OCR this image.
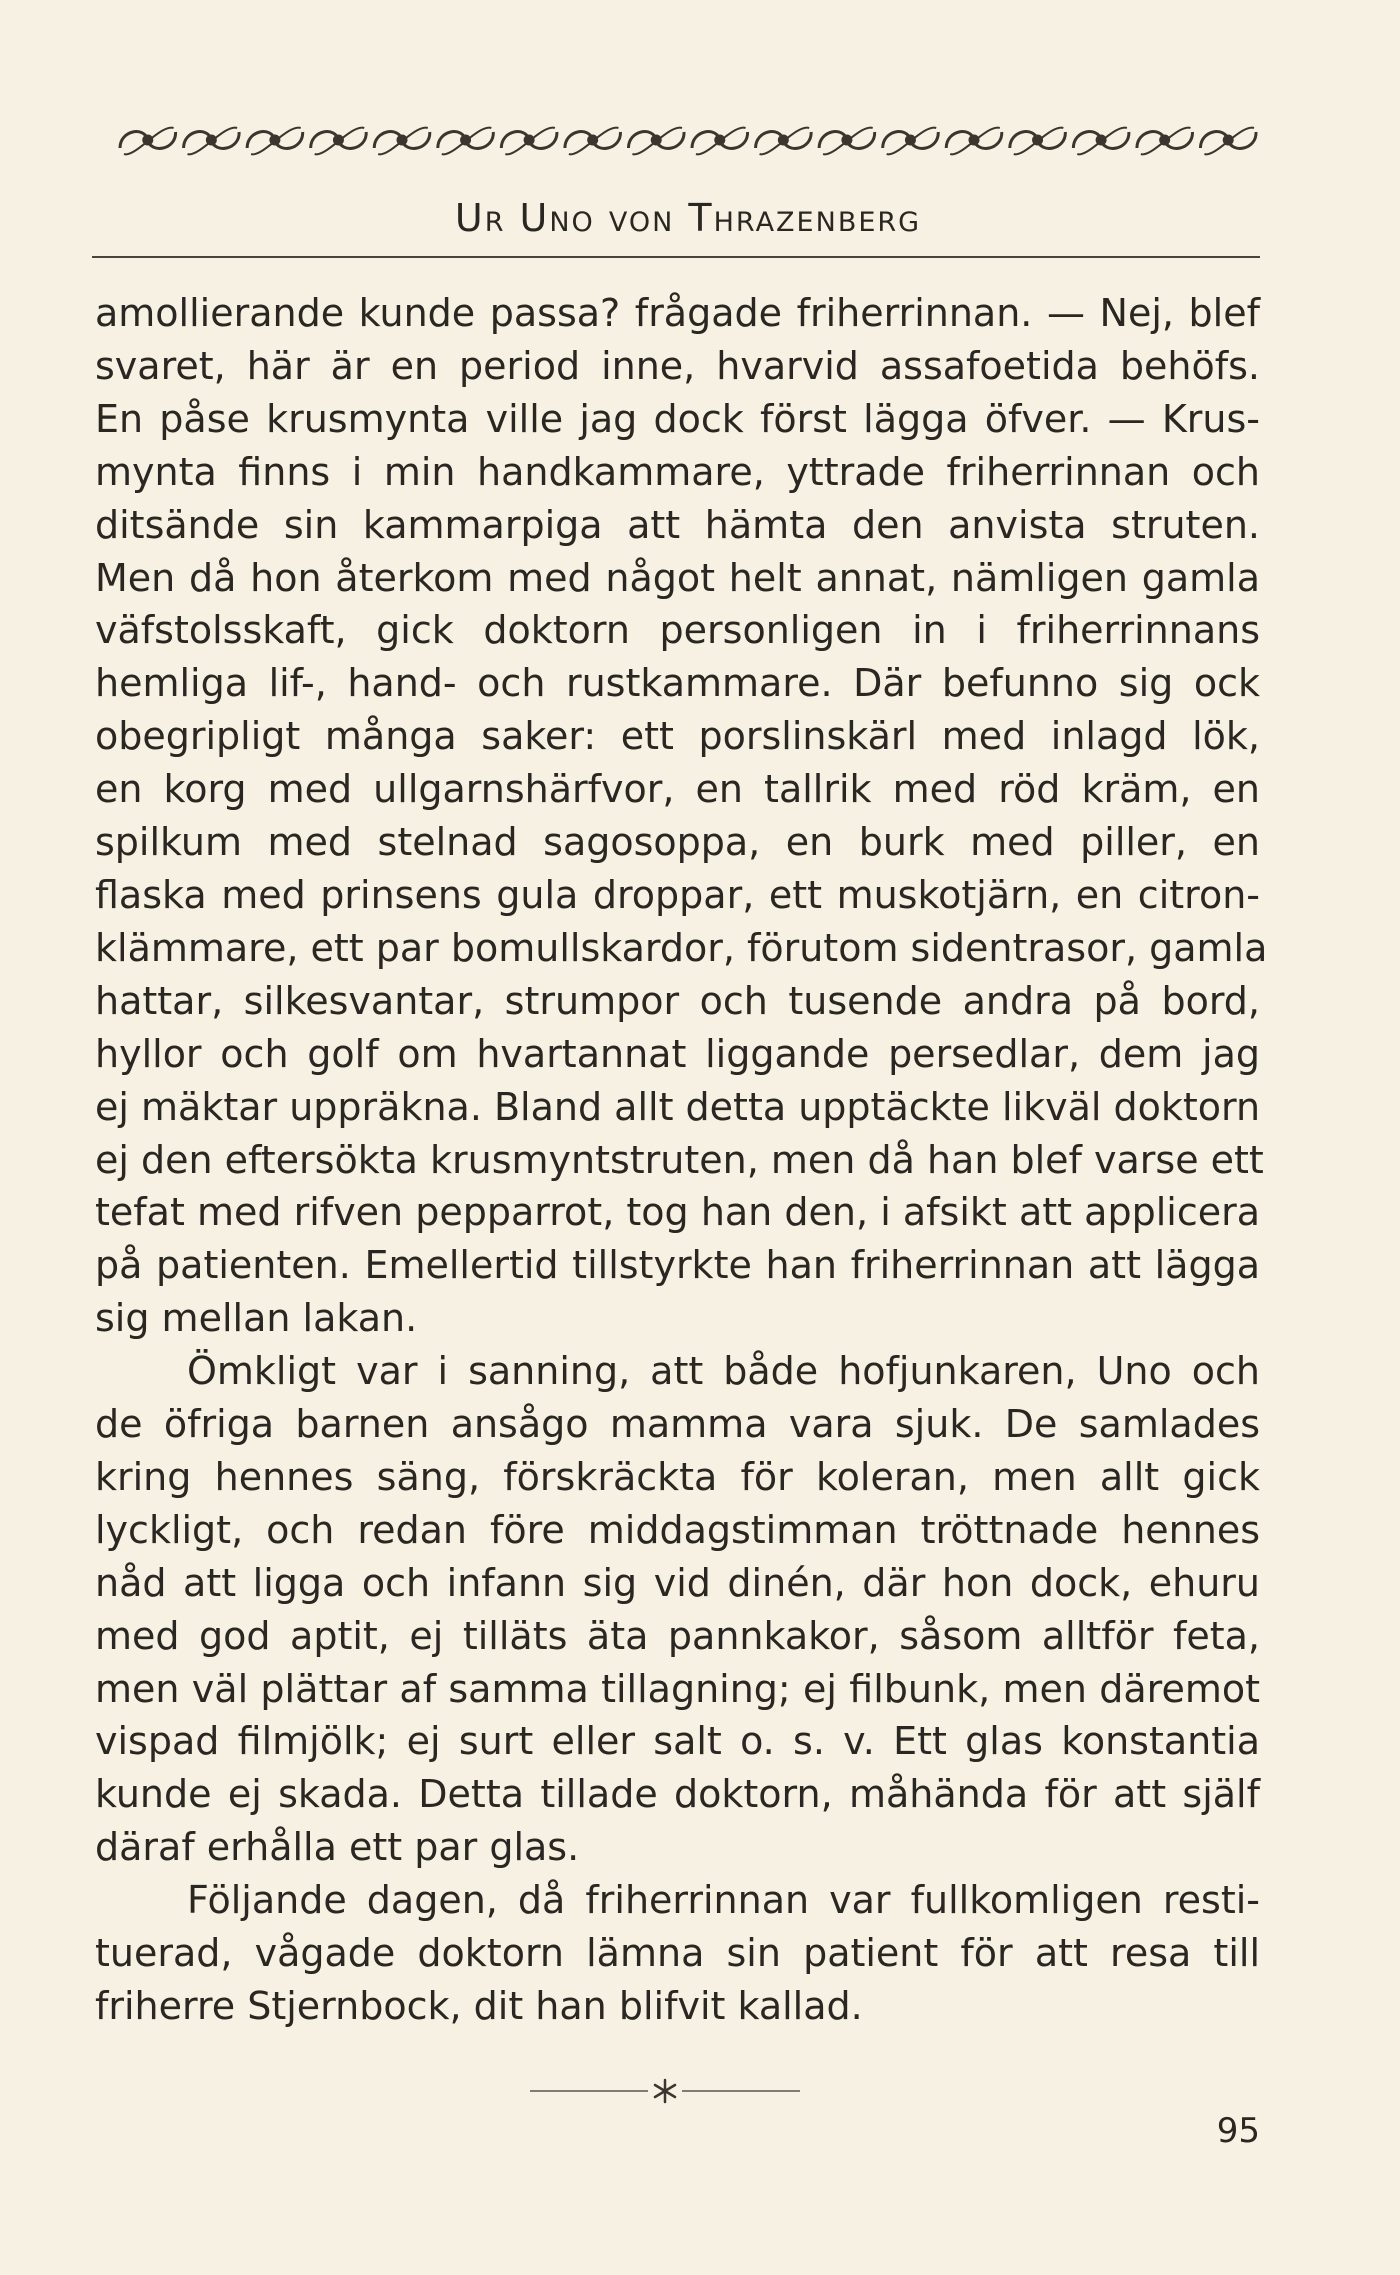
Ur Uno von Thrazenberg
amollierande kunde passa? frågade friherrinnan. — Nej, blef
svaret, här är en period inne, hvarvid assafoetida behöfs.
En påse krusmynta ville jag dock först lägga öfver. — Krus-
mynta finns i min handkammare, yttrade friherrinnan och
ditsände sin kammarpiga att hämta den anvista struten.
Men då hon återkom med något helt annat, nämligen gamla
väfstolsskaft, gick doktorn personligen in i friherrinnans
hemliga lif-, hand- och rustkammare. Där befunno sig ock
obegripligt många saker: ett porslinskärl med inlagd lök,
en korg med ullgarnshärfvor, en tallrik med röd kräm, en
spilkum med stelnad sagosoppa, en burk med piller, en
flaska med prinsens gula droppar, ett muskotjärn, en citron-
klämmare, ett par bomullskardor, förutom sidentrasor, gamla
hattar, silkesvantar, strumpor och tusende andra på bord,
hyllor och golf om hvartannat liggande persedlar, dem jag
ej mäktar uppräkna. Bland allt detta upptäckte likväl doktorn
ej den eftersökta krusmyntstruten, men då han blef varse ett
tefat med rifven pepparrot, tog han den, i afsikt att applicera
på patienten. Emellertid tillstyrkte han friherrinnan att lägga
sig mellan lakan.
Ömkligt var i sanning, att både hofjunkaren, Uno och
de öfriga barnen ansågo mamma vara sjuk. De samlades
kring hennes säng, förskräckta för koleran, men allt gick
lyckligt, och redan före middagstimman tröttnade hennes
nåd att ligga och infann sig vid dinén, där hon dock, ehuru
med god aptit, ej tilläts äta pannkakor, såsom alltför feta,
men väl plättar af samma tillagning; ej filbunk, men däremot
vispad filmjölk; ej surt eller salt o. s. v. Ett glas konstantia
kunde ej skada. Detta tillade doktorn, måhända för att själf
däraf erhålla ett par glas.
Följande dagen, då friherrinnan var fullkomligen resti-
tuerad, vågade doktorn lämna sin patient för att resa till
friherre Stjernbock, dit han blifvit kallad.
95
